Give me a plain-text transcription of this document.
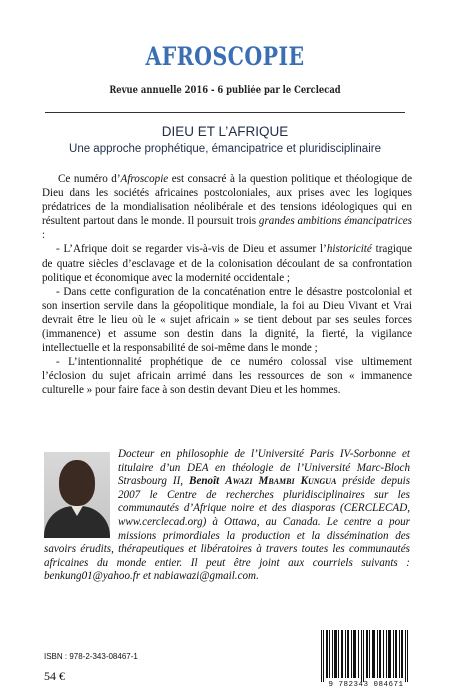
AFROSCOPIE
Revue annuelle 2016 - 6 publiée par le Cerclecad
DIEU ET L’AFRIQUE
Une approche prophétique, émancipatrice et pluridisciplinaire

Ce numéro d’Afroscopie est consacré à la question politique et théologique de Dieu dans les sociétés africaines postcoloniales, aux prises avec les logiques prédatrices de la mondialisation néolibérale et des tensions idéologiques qui en résultent partout dans le monde. Il poursuit trois grandes ambitions émancipatrices :

- L’Afrique doit se regarder vis-à-vis de Dieu et assumer l’historicité tragique de quatre siècles d’esclavage et de la colonisation découlant de sa confrontation politique et économique avec la modernité occidentale ;

- Dans cette configuration de la concaténation entre le désastre postcolonial et son insertion servile dans la géopolitique mondiale, la foi au Dieu Vivant et Vrai devrait être le lieu où le « sujet africain » se tient debout par ses seules forces (immanence) et assume son destin dans la dignité, la fierté, la vigilance intellectuelle et la responsabilité de soi-même dans le monde ;

- L’intentionnalité prophétique de ce numéro colossal vise ultimement l’éclosion du sujet africain arrimé dans les ressources de son « immanence culturelle » pour faire face à son destin devant Dieu et les hommes.

Docteur en philosophie de l’Université Paris IV-Sorbonne et titulaire d’un DEA en théologie de l’Université Marc-Bloch Strasbourg II, Benoît Awazi Mbambi Kungua préside depuis 2007 le Centre de recherches pluridisciplinaires sur les communautés d’Afrique noire et des diasporas (CERCLECAD, www.cerclecad.org) à Ottawa, au Canada. Le centre a pour missions primordiales la production et la dissémination des savoirs érudits, thérapeutiques et libératoires à travers toutes les communautés africaines du monde entier. Il peut être joint aux courriels suivants : benkung01@yahoo.fr et nabiawazi@gmail.com.
ISBN : 978-2-343-08467-1
54 €
9 782343 084671
